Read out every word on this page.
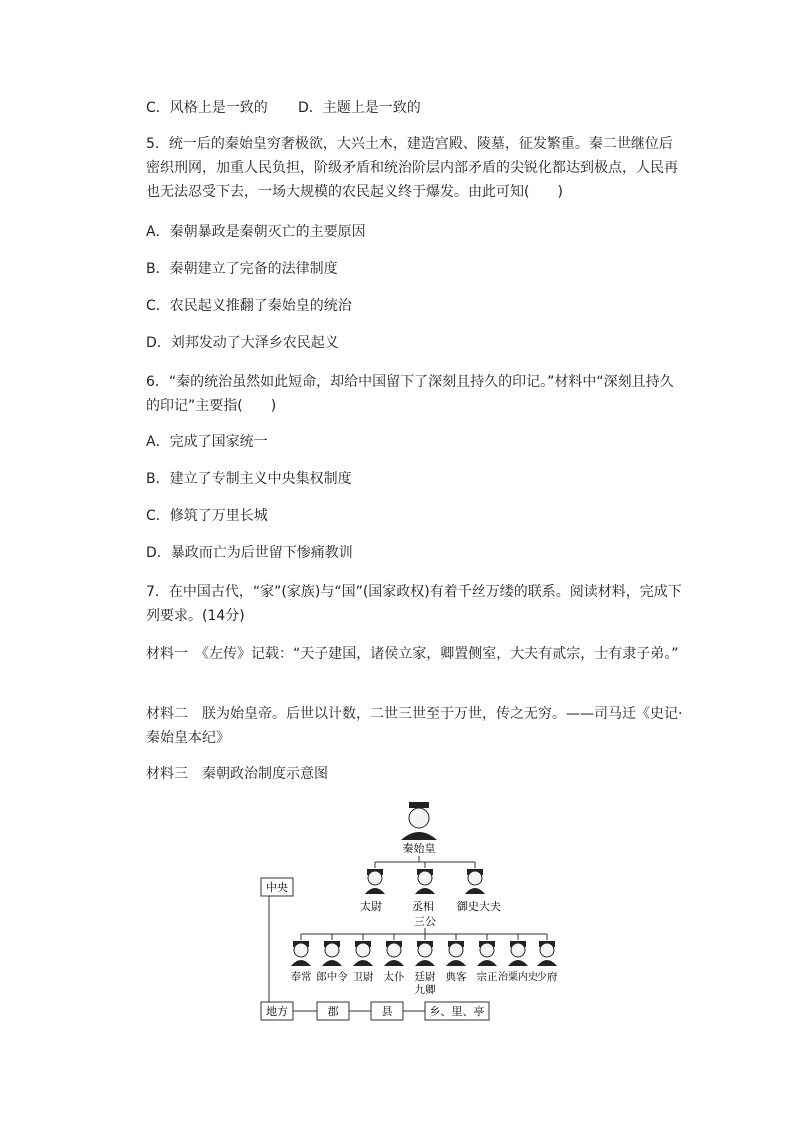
C．风格上是一致的 D．主题上是一致的

5．统一后的秦始皇穷奢极欲，大兴土木，建造宫殿、陵墓，征发繁重。秦二世继位后密织刑网，加重人民负担，阶级矛盾和统治阶层内部矛盾的尖锐化都达到极点，人民再也无法忍受下去，一场大规模的农民起义终于爆发。由此可知(　　)

A．秦朝暴政是秦朝灭亡的主要原因
B．秦朝建立了完备的法律制度
C．农民起义推翻了秦始皇的统治
D．刘邦发动了大泽乡农民起义

6．“秦的统治虽然如此短命，却给中国留下了深刻且持久的印记。”材料中“深刻且持久的印记”主要指(　　)

A．完成了国家统一
B．建立了专制主义中央集权制度
C．修筑了万里长城
D．暴政而亡为后世留下惨痛教训

7．在中国古代，“家”(家族)与“国”(国家政权)有着千丝万缕的联系。阅读材料，完成下列要求。(14分)

材料一　《左传》记载：“天子建国，诸侯立家，卿置侧室，大夫有贰宗，士有隶子弟。”

材料二　朕为始皇帝。后世以计数，二世三世至于万世，传之无穷。——司马迁《史记·秦始皇本纪》

材料三　秦朝政治制度示意图
秦始皇
中央
太尉	丞相 御史大夫
三公
奉常 郎中令 卫尉 太仆 廷尉 典客 宗正 治粟内史
少府
九卿
地方	郡	县	乡、里、亭
